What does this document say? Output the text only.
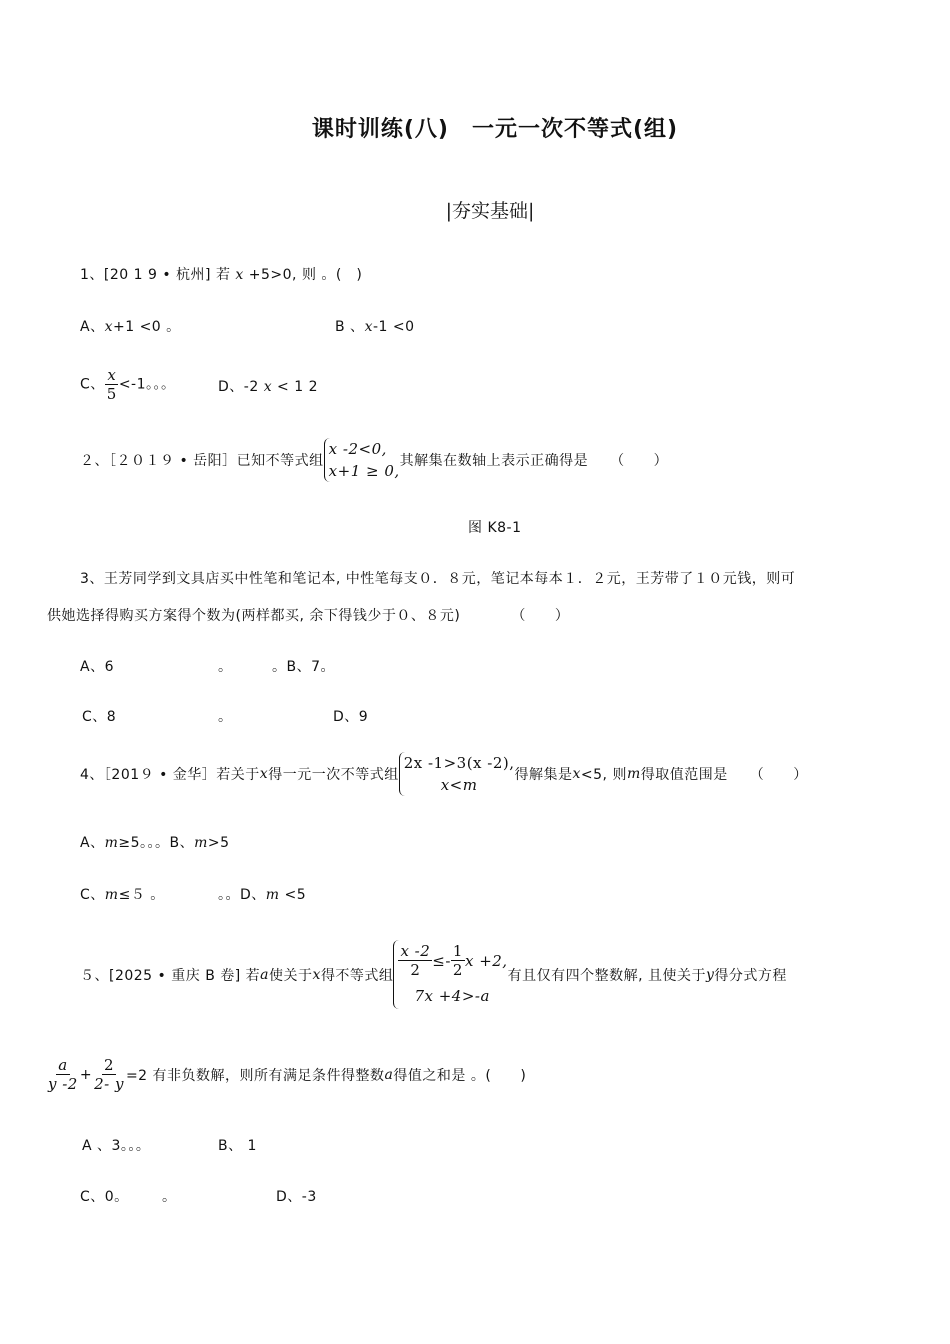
课时训练(八)　一元一次不等式(组)
|夯实基础|
1、[20 1 9 • 杭州] 若 x +5>0, 则 。(　)
A、x+1 <0 。	B 、x-1 <0
C、 $\frac{x}{5} <-1$。。。	D、-2 x < 1 2
２、［２０１９ • 岳阳］已知不等式组
x -2<0,
x+1 ≥ 0,
其解集在数轴上表示正确得是　　（　　）
图 K8-1
3、王芳同学到文具店买中性笔和笔记本, 中性笔每支０．８元，笔记本每本１．２元，王芳带了１０元钱，则可
供她选择得购买方案得个数为(两样都买, 余下得钱少于０、８元)　　　　（　　）
A、6	。	。B、7。
C、8	。	D、9
4、［201９ • 金华］若关于 x 得一元一次不等式组
2x -1>3(x -2),
x<m
得解集是 x <5, 则 m 得取值范围是　　（　　）
A、m≥5。。。B、m>5
C、m≤５ 。	。。D、m <5
５、[2025 • 重庆 B 卷] 若 a 使关于 x 得不等式组 $\frac{x -2}{2} \le- \frac{1}{2}$ x +2,
7x +4>-a
有且仅有四个整数解, 且使关于 y 得分式方程
$\frac{a}{y -2} + \frac{2}{2- y} =2$ 有非负数解，则所有满足条件得整数 a 得值之和是 。(　　)
A 、3。。。	B、 1
C、0。 。	D、-3
